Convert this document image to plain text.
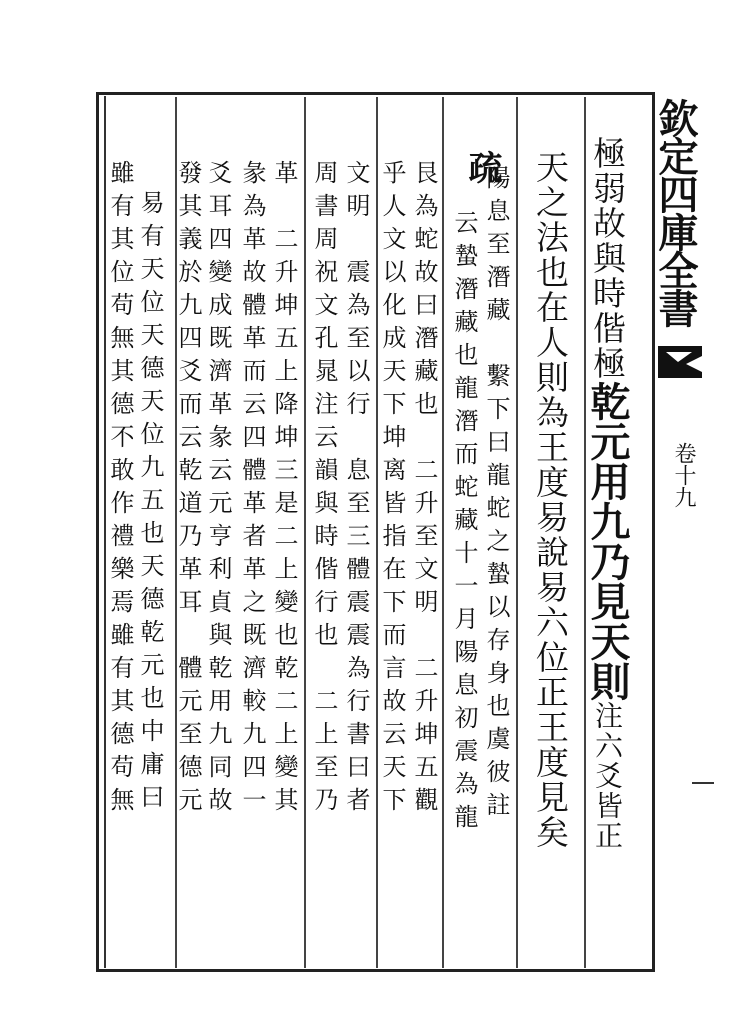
極弱故與時偕極乾元用九乃見天則注六爻皆正
天之法也在人則為王度易說易六位正王度見矣
疏
陽息至潛藏　繫下曰龍蛇之蟄以存身也虞彼註
云蟄潛藏也龍潛而蛇藏十一月陽息初震為龍
艮為蛇故曰潛藏也　二升至文明　二升坤五觀
乎人文以化成天下坤离皆指在下而言故云天下
文明　震為至以行　息至三體震震為行書曰者
周書周祝文孔晁注云韻與時偕行也　二上至乃
革　二升坤五上降坤三是二上變也乾二上變其
彖為革故體革而云四體革者革之既濟較九四一
爻耳四變成既濟革彖云元亨利貞與乾用九同故
發其義於九四爻而云乾道乃革耳　體元至德元
易有天位天德天位九五也天德乾元也中庸曰
雖有其位苟無其德不敢作禮樂焉雖有其德苟無	欽定四庫全書
卷十九
